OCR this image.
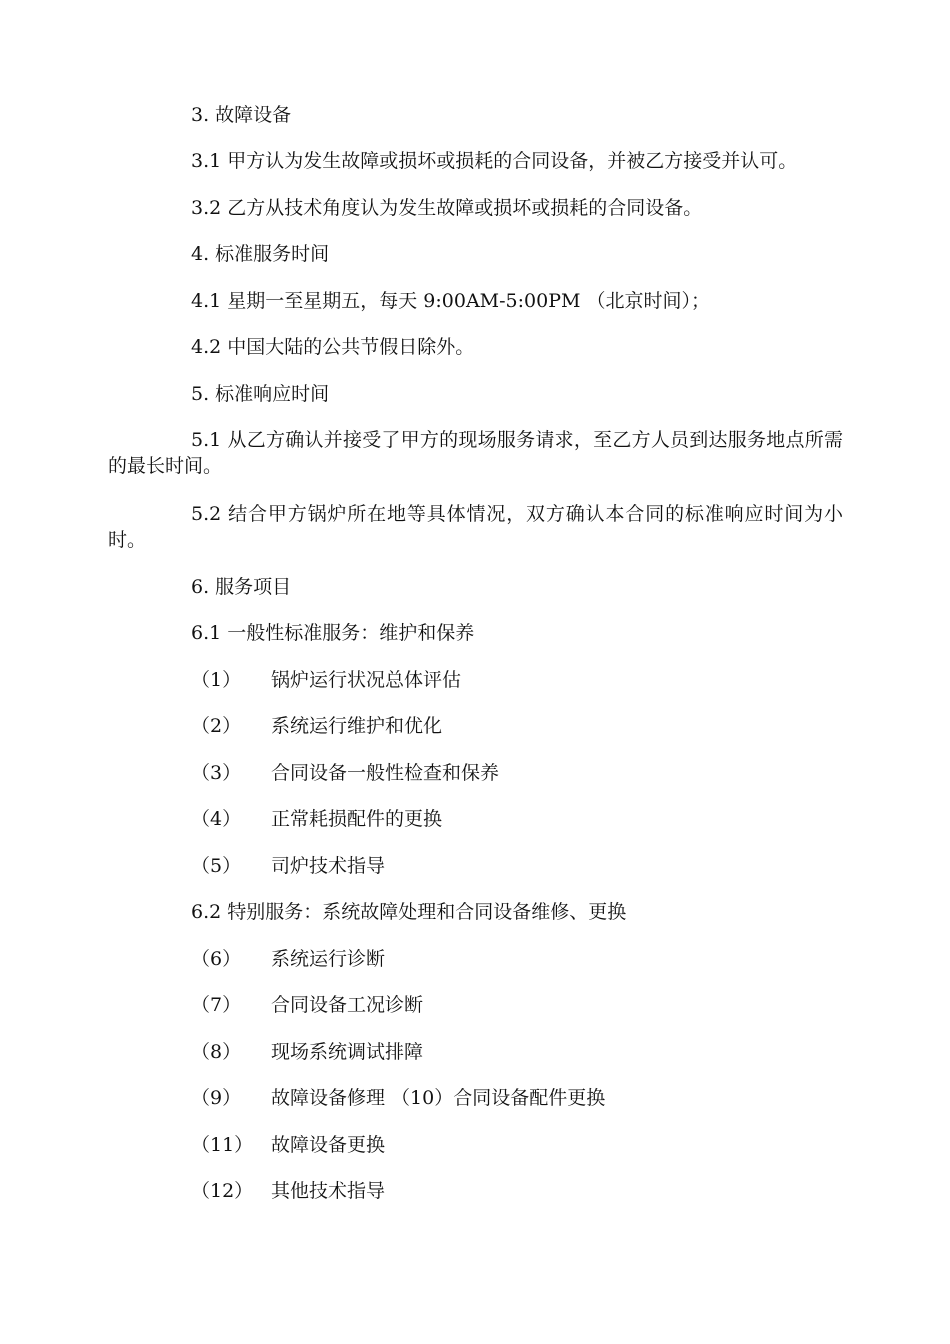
3. 故障设备
3.1 甲方认为发生故障或损坏或损耗的合同设备，并被乙方接受并认可。
3.2 乙方从技术角度认为发生故障或损坏或损耗的合同设备。
4. 标准服务时间
4.1 星期一至星期五，每天 9:00AM-5:00PM （北京时间）；
4.2 中国大陆的公共节假日除外。
5. 标准响应时间
5.1 从乙方确认并接受了甲方的现场服务请求，至乙方人员到达服务地点所需的最长时间。
5.2 结合甲方锅炉所在地等具体情况，双方确认本合同的标准响应时间为小时。
6. 服务项目
6.1 一般性标准服务：维护和保养
（1） 锅炉运行状况总体评估
（2） 系统运行维护和优化
（3） 合同设备一般性检查和保养
（4） 正常耗损配件的更换
（5） 司炉技术指导
6.2 特别服务：系统故障处理和合同设备维修、更换
（6） 系统运行诊断
（7） 合同设备工况诊断
（8） 现场系统调试排障
（9） 故障设备修理 （10）合同设备配件更换
（11） 故障设备更换
（12） 其他技术指导
